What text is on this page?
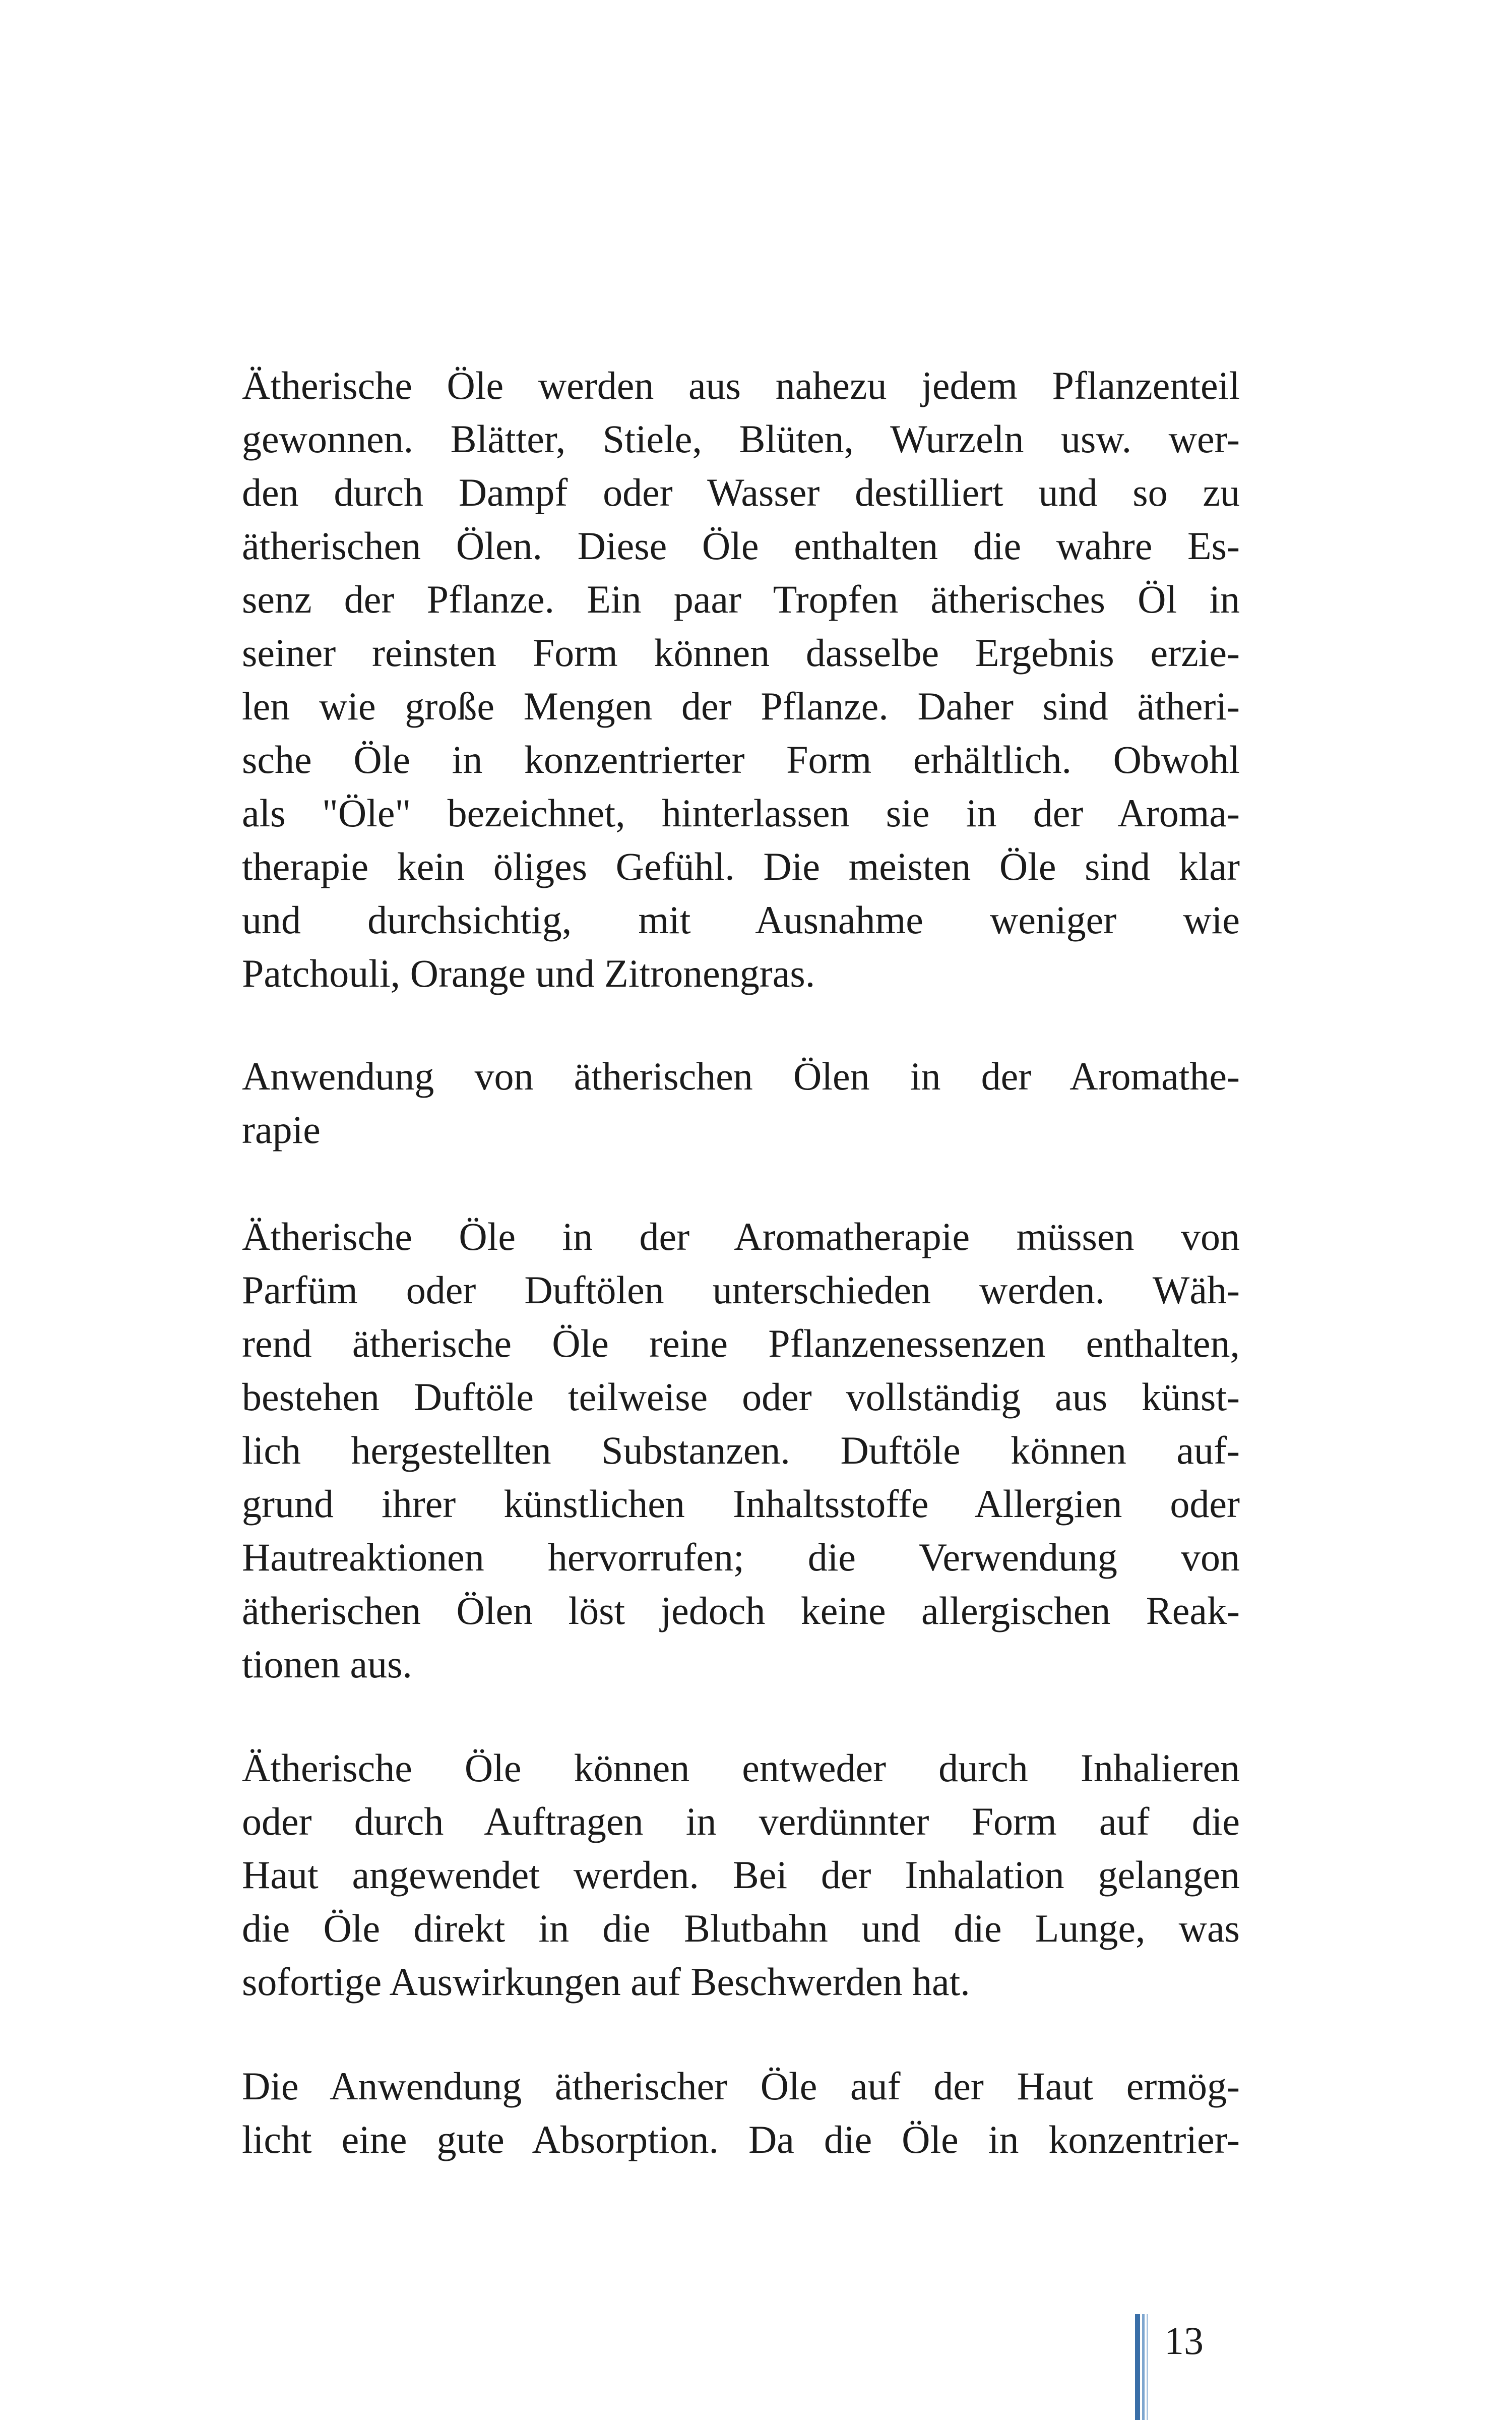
Ätherische Öle werden aus nahezu jedem Pflanzenteil
gewonnen. Blätter, Stiele, Blüten, Wurzeln usw. wer-
den durch Dampf oder Wasser destilliert und so zu
ätherischen Ölen. Diese Öle enthalten die wahre Es-
senz der Pflanze. Ein paar Tropfen ätherisches Öl in
seiner reinsten Form können dasselbe Ergebnis erzie-
len wie große Mengen der Pflanze. Daher sind ätheri-
sche Öle in konzentrierter Form erhältlich. Obwohl
als "Öle" bezeichnet, hinterlassen sie in der Aroma-
therapie kein öliges Gefühl. Die meisten Öle sind klar
und durchsichtig, mit Ausnahme weniger wie
Patchouli, Orange und Zitronengras.

Anwendung von ätherischen Ölen in der Aromathe-
rapie

Ätherische Öle in der Aromatherapie müssen von
Parfüm oder Duftölen unterschieden werden. Wäh-
rend ätherische Öle reine Pflanzenessenzen enthalten,
bestehen Duftöle teilweise oder vollständig aus künst-
lich hergestellten Substanzen. Duftöle können auf-
grund ihrer künstlichen Inhaltsstoffe Allergien oder
Hautreaktionen hervorrufen; die Verwendung von
ätherischen Ölen löst jedoch keine allergischen Reak-
tionen aus.

Ätherische Öle können entweder durch Inhalieren
oder durch Auftragen in verdünnter Form auf die
Haut angewendet werden. Bei der Inhalation gelangen
die Öle direkt in die Blutbahn und die Lunge, was
sofortige Auswirkungen auf Beschwerden hat.

Die Anwendung ätherischer Öle auf der Haut ermög-
licht eine gute Absorption. Da die Öle in konzentrier-

13
